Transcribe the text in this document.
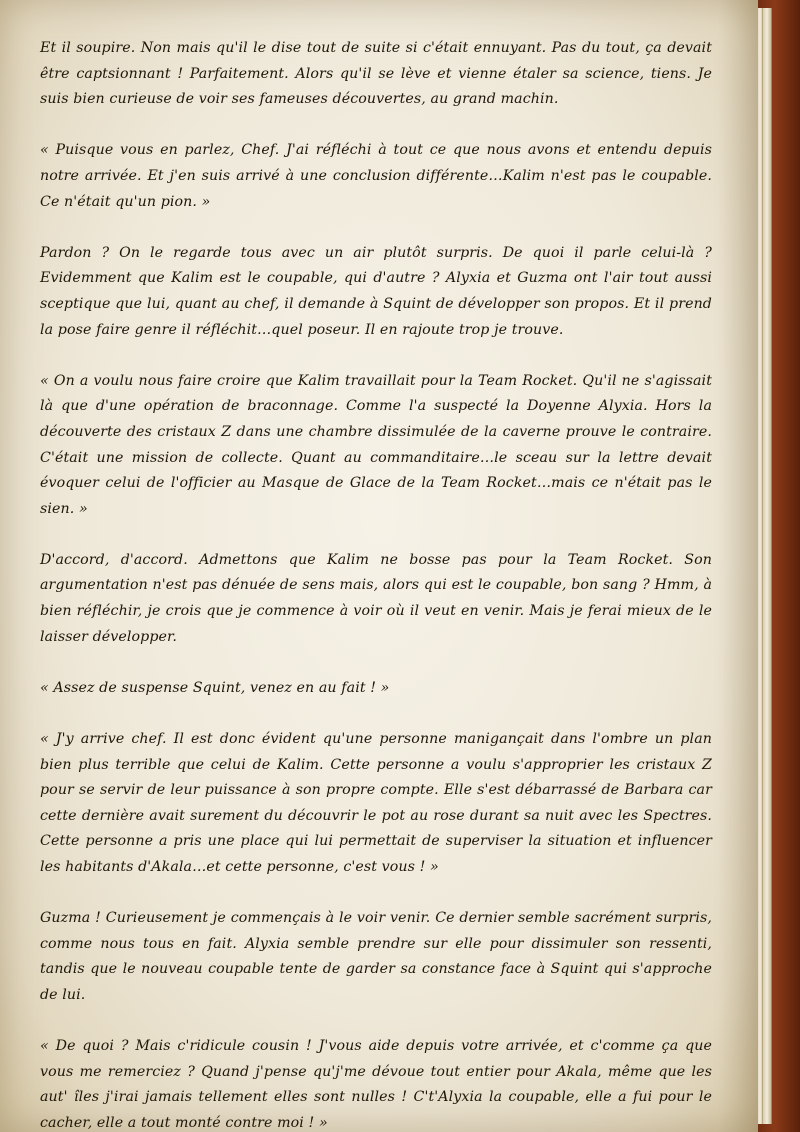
Et il soupire. Non mais qu'il le dise tout de suite si c'était ennuyant. Pas du tout, ça devait être captsionnant ! Parfaitement. Alors qu'il se lève et vienne étaler sa science, tiens. Je suis bien curieuse de voir ses fameuses découvertes, au grand machin.

« Puisque vous en parlez, Chef. J'ai réfléchi à tout ce que nous avons et entendu depuis notre arrivée. Et j'en suis arrivé à une conclusion différente…Kalim n'est pas le coupable. Ce n'était qu'un pion. »

Pardon ? On le regarde tous avec un air plutôt surpris. De quoi il parle celui-là ? Evidemment que Kalim est le coupable, qui d'autre ? Alyxia et Guzma ont l'air tout aussi sceptique que lui, quant au chef, il demande à Squint de développer son propos. Et il prend la pose faire genre il réfléchit…quel poseur. Il en rajoute trop je trouve.

« On a voulu nous faire croire que Kalim travaillait pour la Team Rocket. Qu'il ne s'agissait là que d'une opération de braconnage. Comme l'a suspecté la Doyenne Alyxia. Hors la découverte des cristaux Z dans une chambre dissimulée de la caverne prouve le contraire. C'était une mission de collecte. Quant au commanditaire…le sceau sur la lettre devait évoquer celui de l'officier au Masque de Glace de la Team Rocket…mais ce n'était pas le sien. »

D'accord, d'accord. Admettons que Kalim ne bosse pas pour la Team Rocket. Son argumentation n'est pas dénuée de sens mais, alors qui est le coupable, bon sang ? Hmm, à bien réfléchir, je crois que je commence à voir où il veut en venir. Mais je ferai mieux de le laisser développer.

« Assez de suspense Squint, venez en au fait ! »

« J'y arrive chef. Il est donc évident qu'une personne manigançait dans l'ombre un plan bien plus terrible que celui de Kalim. Cette personne a voulu s'approprier les cristaux Z pour se servir de leur puissance à son propre compte. Elle s'est débarrassé de Barbara car cette dernière avait surement du découvrir le pot au rose durant sa nuit avec les Spectres. Cette personne a pris une place qui lui permettait de superviser la situation et influencer les habitants d'Akala…et cette personne, c'est vous ! »

Guzma ! Curieusement je commençais à le voir venir. Ce dernier semble sacrément surpris, comme nous tous en fait. Alyxia semble prendre sur elle pour dissimuler son ressenti, tandis que le nouveau coupable tente de garder sa constance face à Squint qui s'approche de lui.

« De quoi ? Mais c'ridicule cousin ! J'vous aide depuis votre arrivée, et c'comme ça que vous me remerciez ? Quand j'pense qu'j'me dévoue tout entier pour Akala, même que les aut' îles j'irai jamais tellement elles sont nulles ! C't'Alyxia la coupable, elle a fui pour le cacher, elle a tout monté contre moi ! »
